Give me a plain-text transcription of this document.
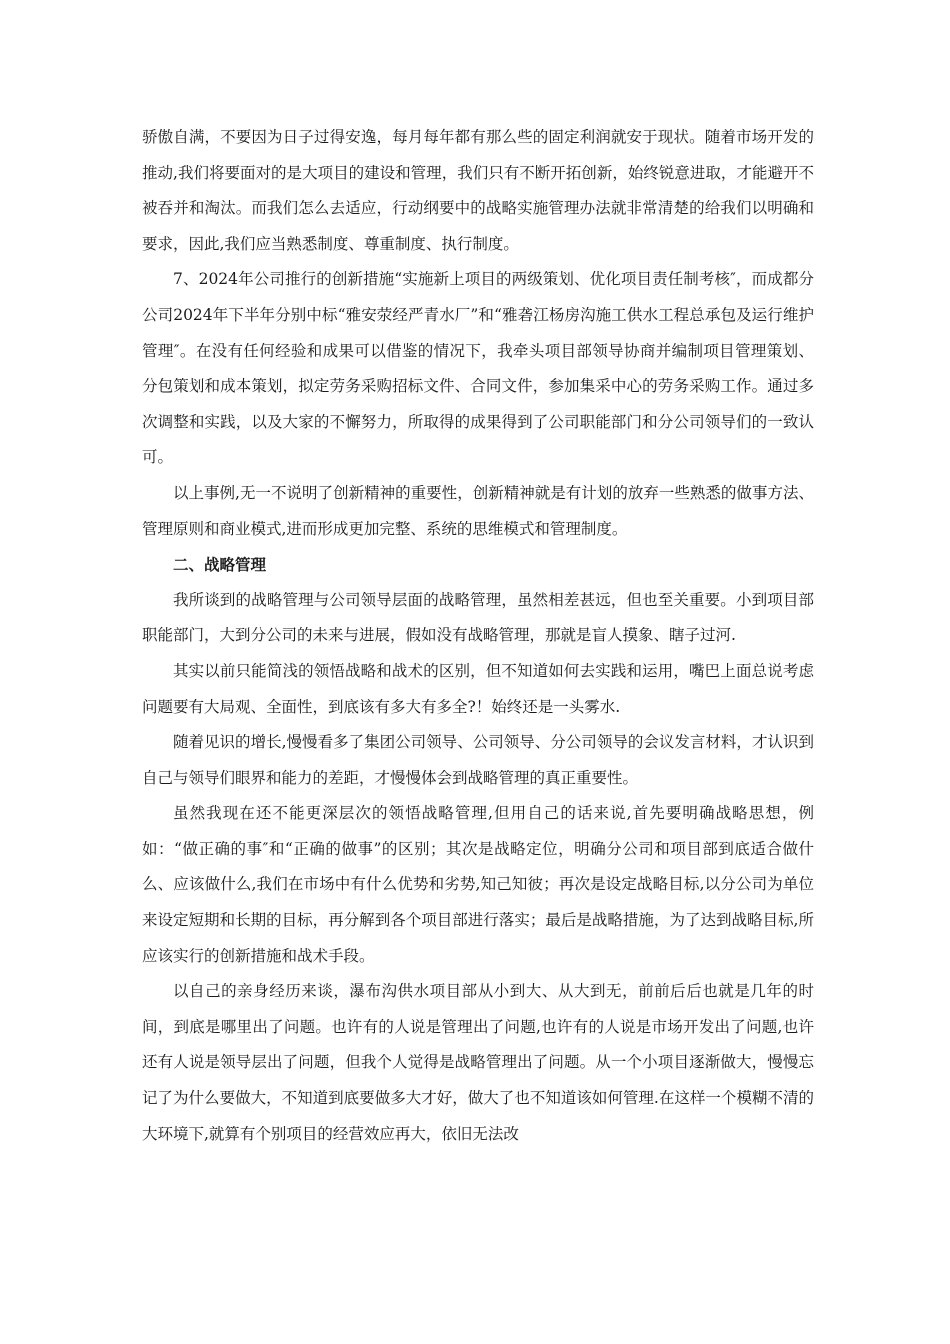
骄傲自满，不要因为日子过得安逸，每月每年都有那么些的固定利润就安于现状。随着市场开发的推动,我们将要面对的是大项目的建设和管理，我们只有不断开拓创新，始终锐意进取，才能避开不被吞并和淘汰。而我们怎么去适应，行动纲要中的战略实施管理办法就非常清楚的给我们以明确和要求，因此,我们应当熟悉制度、尊重制度、执行制度。

7、2024年公司推行的创新措施“实施新上项目的两级策划、优化项目责任制考核″，而成都分公司2024年下半年分别中标“雅安荥经严青水厂”和“雅砻江杨房沟施工供水工程总承包及运行维护管理″。在没有任何经验和成果可以借鉴的情况下，我牵头项目部领导协商并编制项目管理策划、分包策划和成本策划，拟定劳务采购招标文件、合同文件，参加集采中心的劳务采购工作。通过多次调整和实践，以及大家的不懈努力，所取得的成果得到了公司职能部门和分公司领导们的一致认可。

以上事例,无一不说明了创新精神的重要性，创新精神就是有计划的放弃一些熟悉的做事方法、管理原则和商业模式,进而形成更加完整、系统的思维模式和管理制度。

二、战略管理

我所谈到的战略管理与公司领导层面的战略管理，虽然相差甚远，但也至关重要。小到项目部职能部门，大到分公司的未来与进展，假如没有战略管理，那就是盲人摸象、瞎子过河.

其实以前只能简浅的领悟战略和战术的区别，但不知道如何去实践和运用，嘴巴上面总说考虑问题要有大局观、全面性，到底该有多大有多全?！始终还是一头雾水.

随着见识的增长,慢慢看多了集团公司领导、公司领导、分公司领导的会议发言材料，才认识到自己与领导们眼界和能力的差距，才慢慢体会到战略管理的真正重要性。

虽然我现在还不能更深层次的领悟战略管理,但用自己的话来说,首先要明确战略思想，例如：“做正确的事″和“正确的做事”的区别；其次是战略定位，明确分公司和项目部到底适合做什么、应该做什么,我们在市场中有什么优势和劣势,知己知彼；再次是设定战略目标,以分公司为单位来设定短期和长期的目标，再分解到各个项目部进行落实；最后是战略措施，为了达到战略目标,所应该实行的创新措施和战术手段。

以自己的亲身经历来谈，瀑布沟供水项目部从小到大、从大到无，前前后后也就是几年的时间，到底是哪里出了问题。也许有的人说是管理出了问题,也许有的人说是市场开发出了问题,也许还有人说是领导层出了问题，但我个人觉得是战略管理出了问题。从一个小项目逐渐做大，慢慢忘记了为什么要做大，不知道到底要做多大才好，做大了也不知道该如何管理.在这样一个模糊不清的大环境下,就算有个别项目的经营效应再大，依旧无法改
